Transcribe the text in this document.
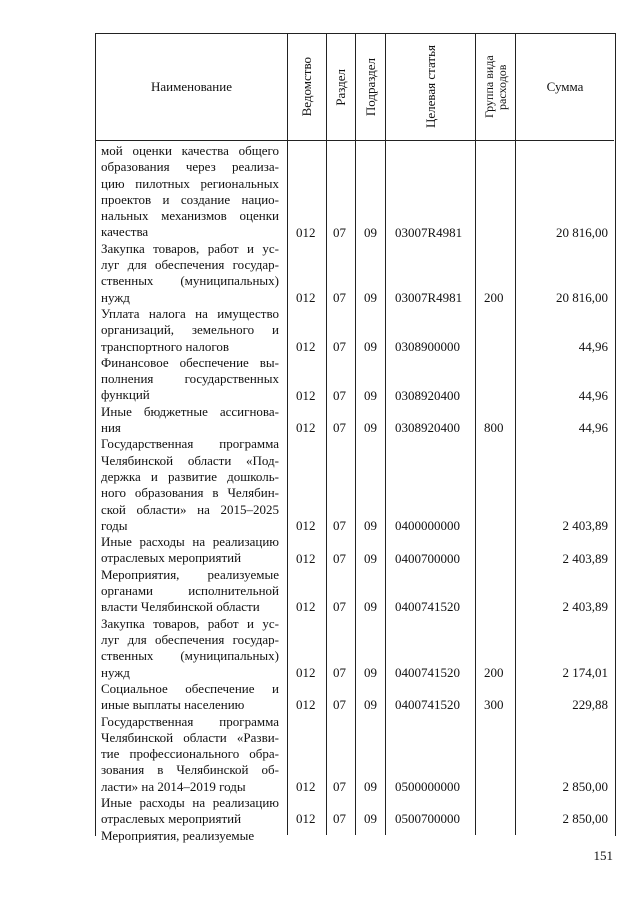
Наименование	Ведомство Раздел Подраздел	Целевая статья	Группа вида расходов	Сумма
мой оценки качества общего
образования через реализа-
цию пилотных региональных
проектов и создание нацио-
нальных механизмов оценки
качества	012 07 09 03007R4981	20 816,00
Закупка товаров, работ и ус-
луг для обеспечения государ-
ственных (муниципальных)
нужд	012 07 09 03007R4981 200	20 816,00
Уплата налога на имущество
организаций, земельного и
транспортного налогов	012 07 09 0308900000	44,96
Финансовое обеспечение вы-
полнения государственных
функций	012 07 09 0308920400	44,96
Иные бюджетные ассигнова-
ния	012 07 09 0308920400 800	44,96
Государственная программа
Челябинской области «Под-
держка и развитие дошколь-
ного образования в Челябин-
ской области» на 2015–2025
годы	012 07 09 0400000000	2 403,89
Иные расходы на реализацию
отраслевых мероприятий	012 07 09 0400700000	2 403,89
Мероприятия, реализуемые
органами исполнительной
власти Челябинской области	012 07 09 0400741520	2 403,89
Закупка товаров, работ и ус-
луг для обеспечения государ-
ственных (муниципальных)
нужд	012 07 09 0400741520 200	2 174,01
Социальное обеспечение и
иные выплаты населению	012 07 09 0400741520 300	229,88
Государственная программа
Челябинской области «Разви-
тие профессионального обра-
зования в Челябинской об-
ласти» на 2014–2019 годы	012 07 09 0500000000	2 850,00
Иные расходы на реализацию
отраслевых мероприятий	012 07 09 0500700000	2 850,00
Мероприятия, реализуемые
151
